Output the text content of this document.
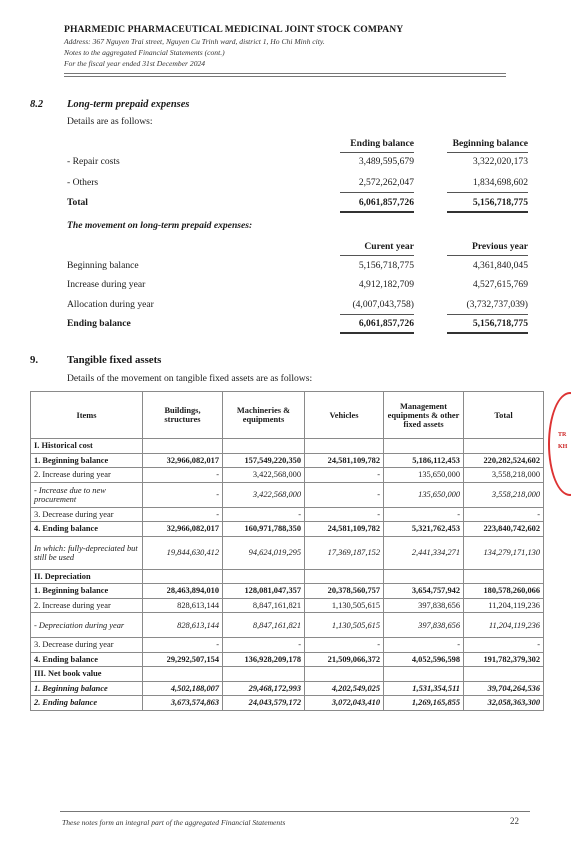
PHARMEDIC PHARMACEUTICAL MEDICINAL JOINT STOCK COMPANY
Address: 367 Nguyen Trai street, Nguyen Cu Trinh ward, district 1, Ho Chi Minh city.
Notes to the aggregated Financial Statements (cont.)
For the fiscal year ended 31st December 2024
8.2 Long-term prepaid expenses
Details are as follows:
Ending balance	Beginning balance
- Repair costs	3,489,595,679	3,322,020,173
- Others	2,572,262,047	1,834,698,602
Total	6,061,857,726	5,156,718,775
The movement on long-term prepaid expenses:
Curent year	Previous year
Beginning balance	5,156,718,775	4,361,840,045
Increase during year	4,912,182,709	4,527,615,769
Allocation during year	(4,007,043,758)	(3,732,737,039)
Ending balance	6,061,857,726	5,156,718,775
9.	Tangible fixed assets
Details of the movement on tangible fixed assets are as follows:
Items	Buildings, structures	Machineries & equipments	Vehicles	Management equipments & other fixed assets	Total
I. Historical cost					
1. Beginning balance	32,966,082,017	157,549,220,350	24,581,109,782	5,186,112,453	220,282,524,602
2. Increase during year	-	3,422,568,000	-	135,650,000	3,558,218,000
- Increase due to new procurement	-	3,422,568,000	-	135,650,000	3,558,218,000
3. Decrease during year	-	-	-	-	-
4. Ending balance	32,966,082,017	160,971,788,350	24,581,109,782	5,321,762,453	223,840,742,602
In which: fully-depreciated but still be used	19,844,630,412	94,624,019,295	17,369,187,152	2,441,334,271	134,279,171,130
II. Depreciation					
1. Beginning balance	28,463,894,010	128,081,047,357	20,378,560,757	3,654,757,942	180,578,260,066
2. Increase during year	828,613,144	8,847,161,821	1,130,505,615	397,838,656	11,204,119,236
- Depreciation during year	828,613,144	8,847,161,821	1,130,505,615	397,838,656	11,204,119,236
3. Decrease during year	-	-	-	-	-
4. Ending balance	29,292,507,154	136,928,209,178	21,509,066,372	4,052,596,598	191,782,379,302
III. Net book value					
1. Beginning balance	4,502,188,007	29,468,172,993	4,202,549,025	1,531,354,511	39,704,264,536
2. Ending balance	3,673,574,863	24,043,579,172	3,072,043,410	1,269,165,855	32,058,363,300
TR
KH
These notes form an integral part of the aggregated Financial Statements	22
